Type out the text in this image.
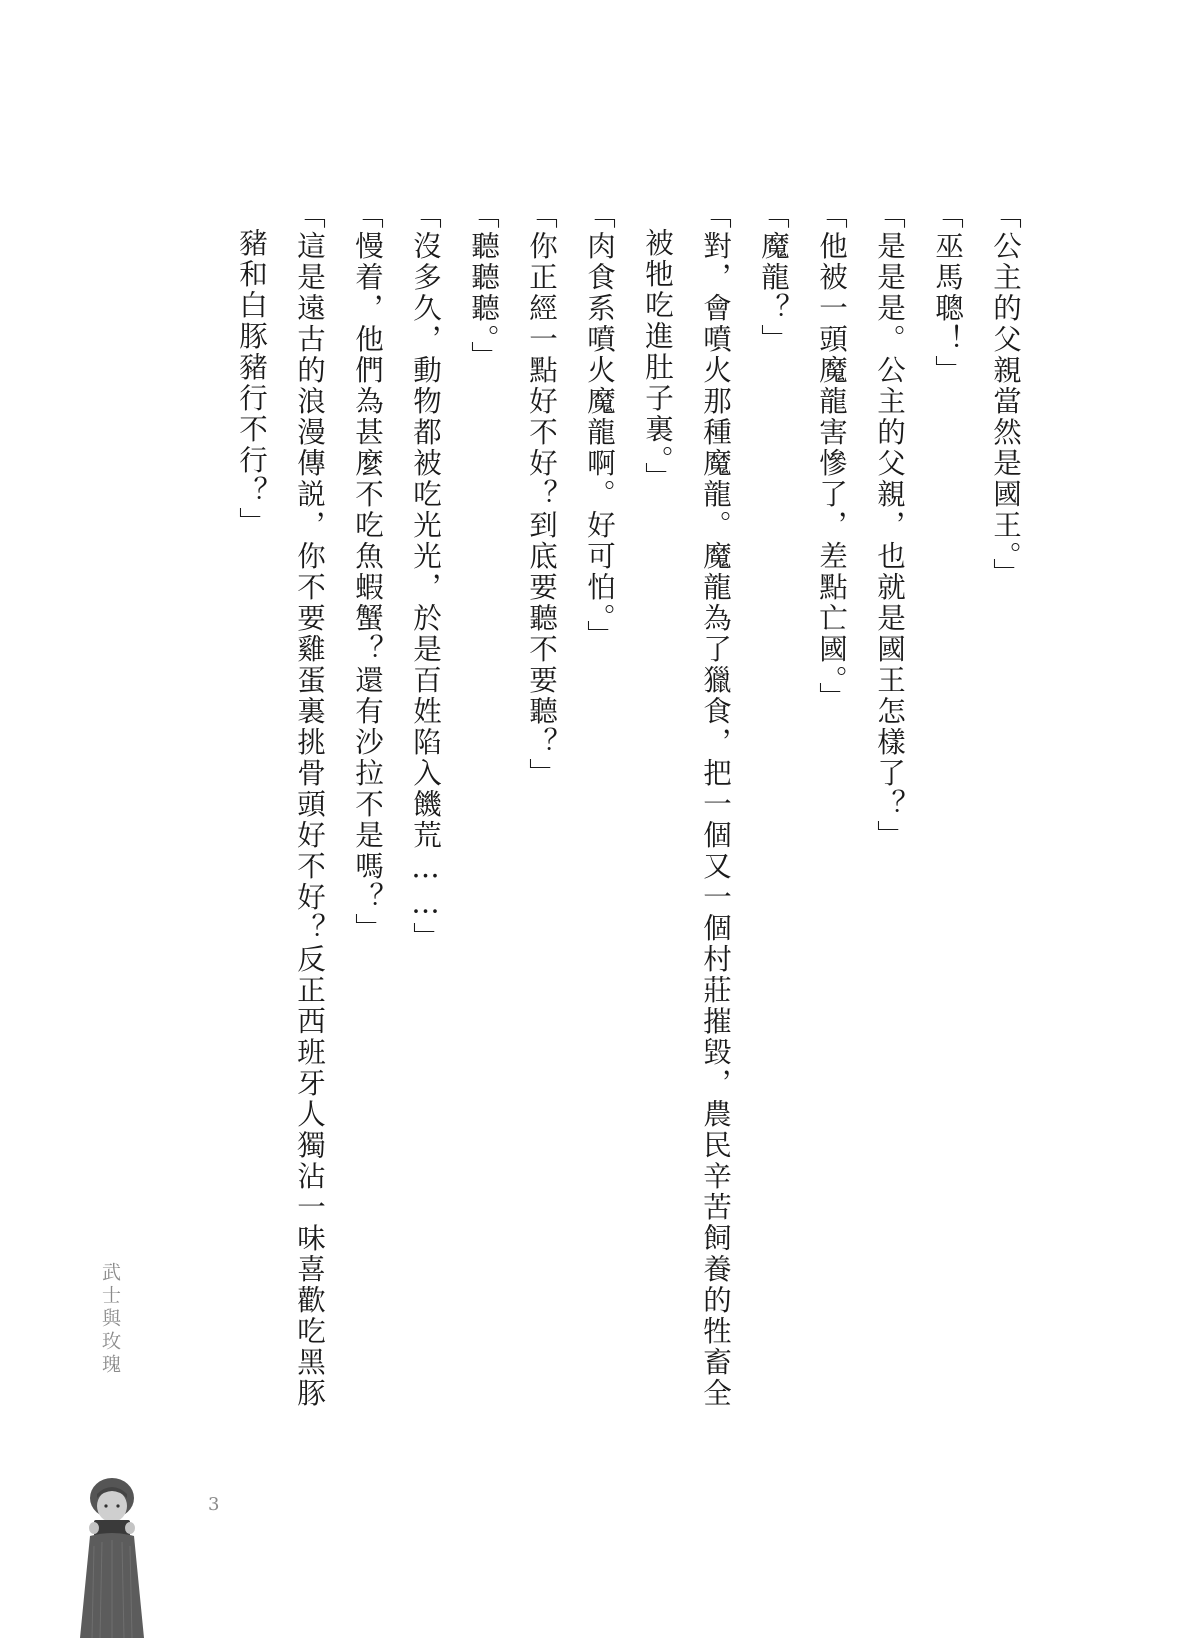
「公主的父親當然是國王。」
「巫馬聰！」
「是是是。公主的父親，也就是國王怎樣了？」
「他被一頭魔龍害慘了，差點亡國。」
「魔龍？」
「對，會噴火那種魔龍。魔龍為了獵食，把一個又一個村莊摧毀，農民辛苦飼養的牲畜全
被牠吃進肚子裏。」
「肉食系噴火魔龍啊。好可怕。」
「你正經一點好不好？到底要聽不要聽？」
「聽聽聽。」
「沒多久，動物都被吃光光，於是百姓陷入饑荒……」
「慢着，他們為甚麼不吃魚蝦蟹？還有沙拉不是嗎？」
「這是遠古的浪漫傳説，你不要雞蛋裏挑骨頭好不好？反正西班牙人獨沾一味喜歡吃黑豚
豬和白豚豬行不行？」
武士與玫瑰
3
